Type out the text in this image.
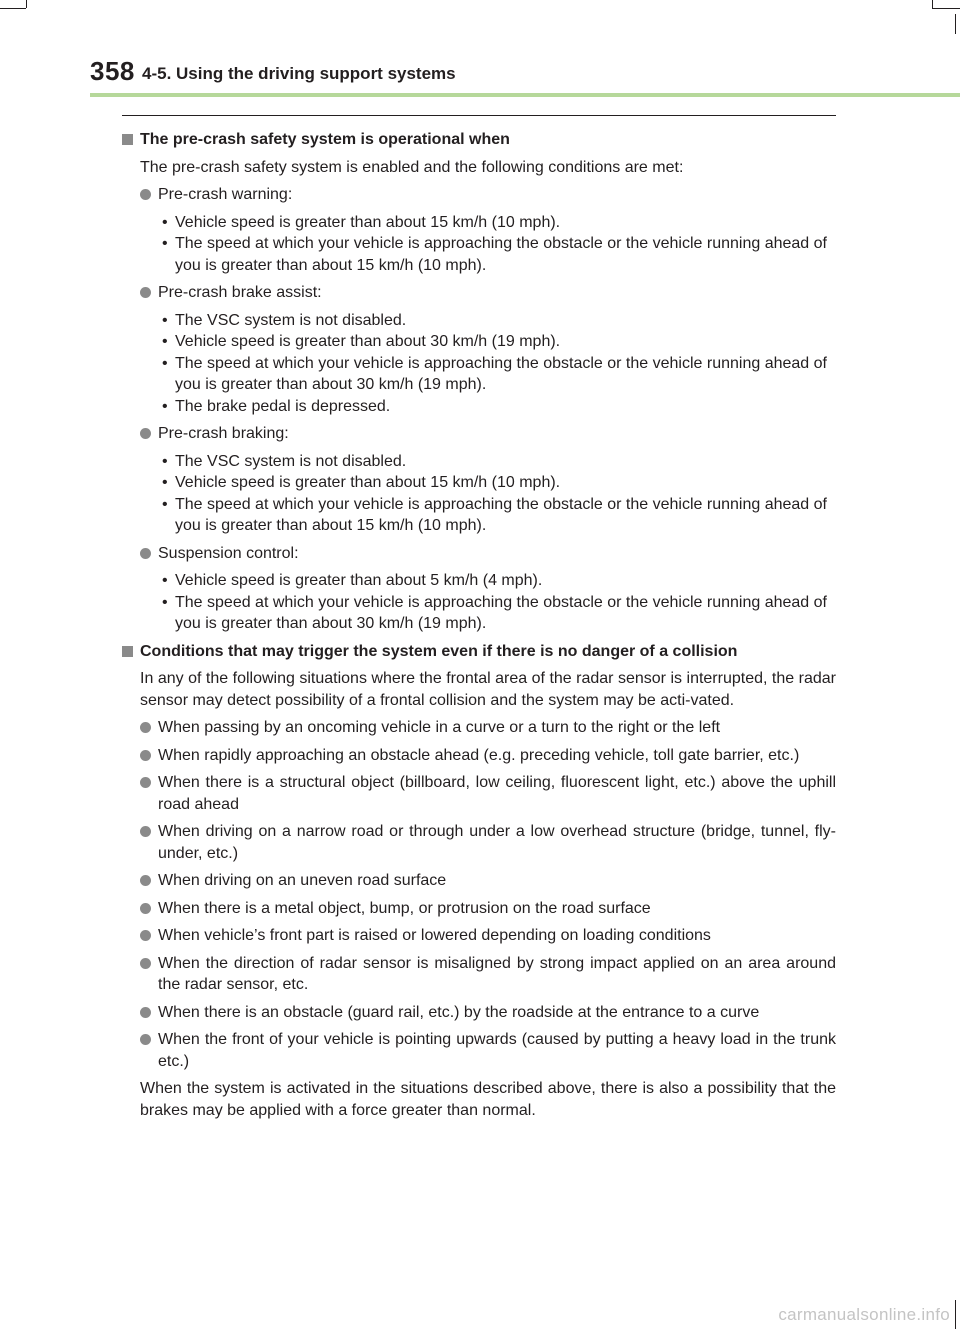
358 4-5. Using the driving support systems
The pre-crash safety system is operational when
The pre-crash safety system is enabled and the following conditions are met:
Pre-crash warning:
• Vehicle speed is greater than about 15 km/h (10 mph).
• The speed at which your vehicle is approaching the obstacle or the vehicle running ahead of you is greater than about 15 km/h (10 mph).
Pre-crash brake assist:
• The VSC system is not disabled.
• Vehicle speed is greater than about 30 km/h (19 mph).
• The speed at which your vehicle is approaching the obstacle or the vehicle running ahead of you is greater than about 30 km/h (19 mph).
• The brake pedal is depressed.
Pre-crash braking:
• The VSC system is not disabled.
• Vehicle speed is greater than about 15 km/h (10 mph).
• The speed at which your vehicle is approaching the obstacle or the vehicle running ahead of you is greater than about 15 km/h (10 mph).
Suspension control:
• Vehicle speed is greater than about 5 km/h (4 mph).
• The speed at which your vehicle is approaching the obstacle or the vehicle running ahead of you is greater than about 30 km/h (19 mph).
Conditions that may trigger the system even if there is no danger of a collision
In any of the following situations where the frontal area of the radar sensor is interrupted, the radar sensor may detect possibility of a frontal collision and the system may be acti-vated.
When passing by an oncoming vehicle in a curve or a turn to the right or the left
When rapidly approaching an obstacle ahead (e.g. preceding vehicle, toll gate barrier, etc.)
When there is a structural object (billboard, low ceiling, fluorescent light, etc.) above the uphill road ahead
When driving on a narrow road or through under a low overhead structure (bridge, tunnel, fly-under, etc.)
When driving on an uneven road surface
When there is a metal object, bump, or protrusion on the road surface
When vehicle’s front part is raised or lowered depending on loading conditions
When the direction of radar sensor is misaligned by strong impact applied on an area around the radar sensor, etc.
When there is an obstacle (guard rail, etc.) by the roadside at the entrance to a curve
When the front of your vehicle is pointing upwards (caused by putting a heavy load in the trunk etc.)
When the system is activated in the situations described above, there is also a possibility that the brakes may be applied with a force greater than normal.
carmanualsonline.info
